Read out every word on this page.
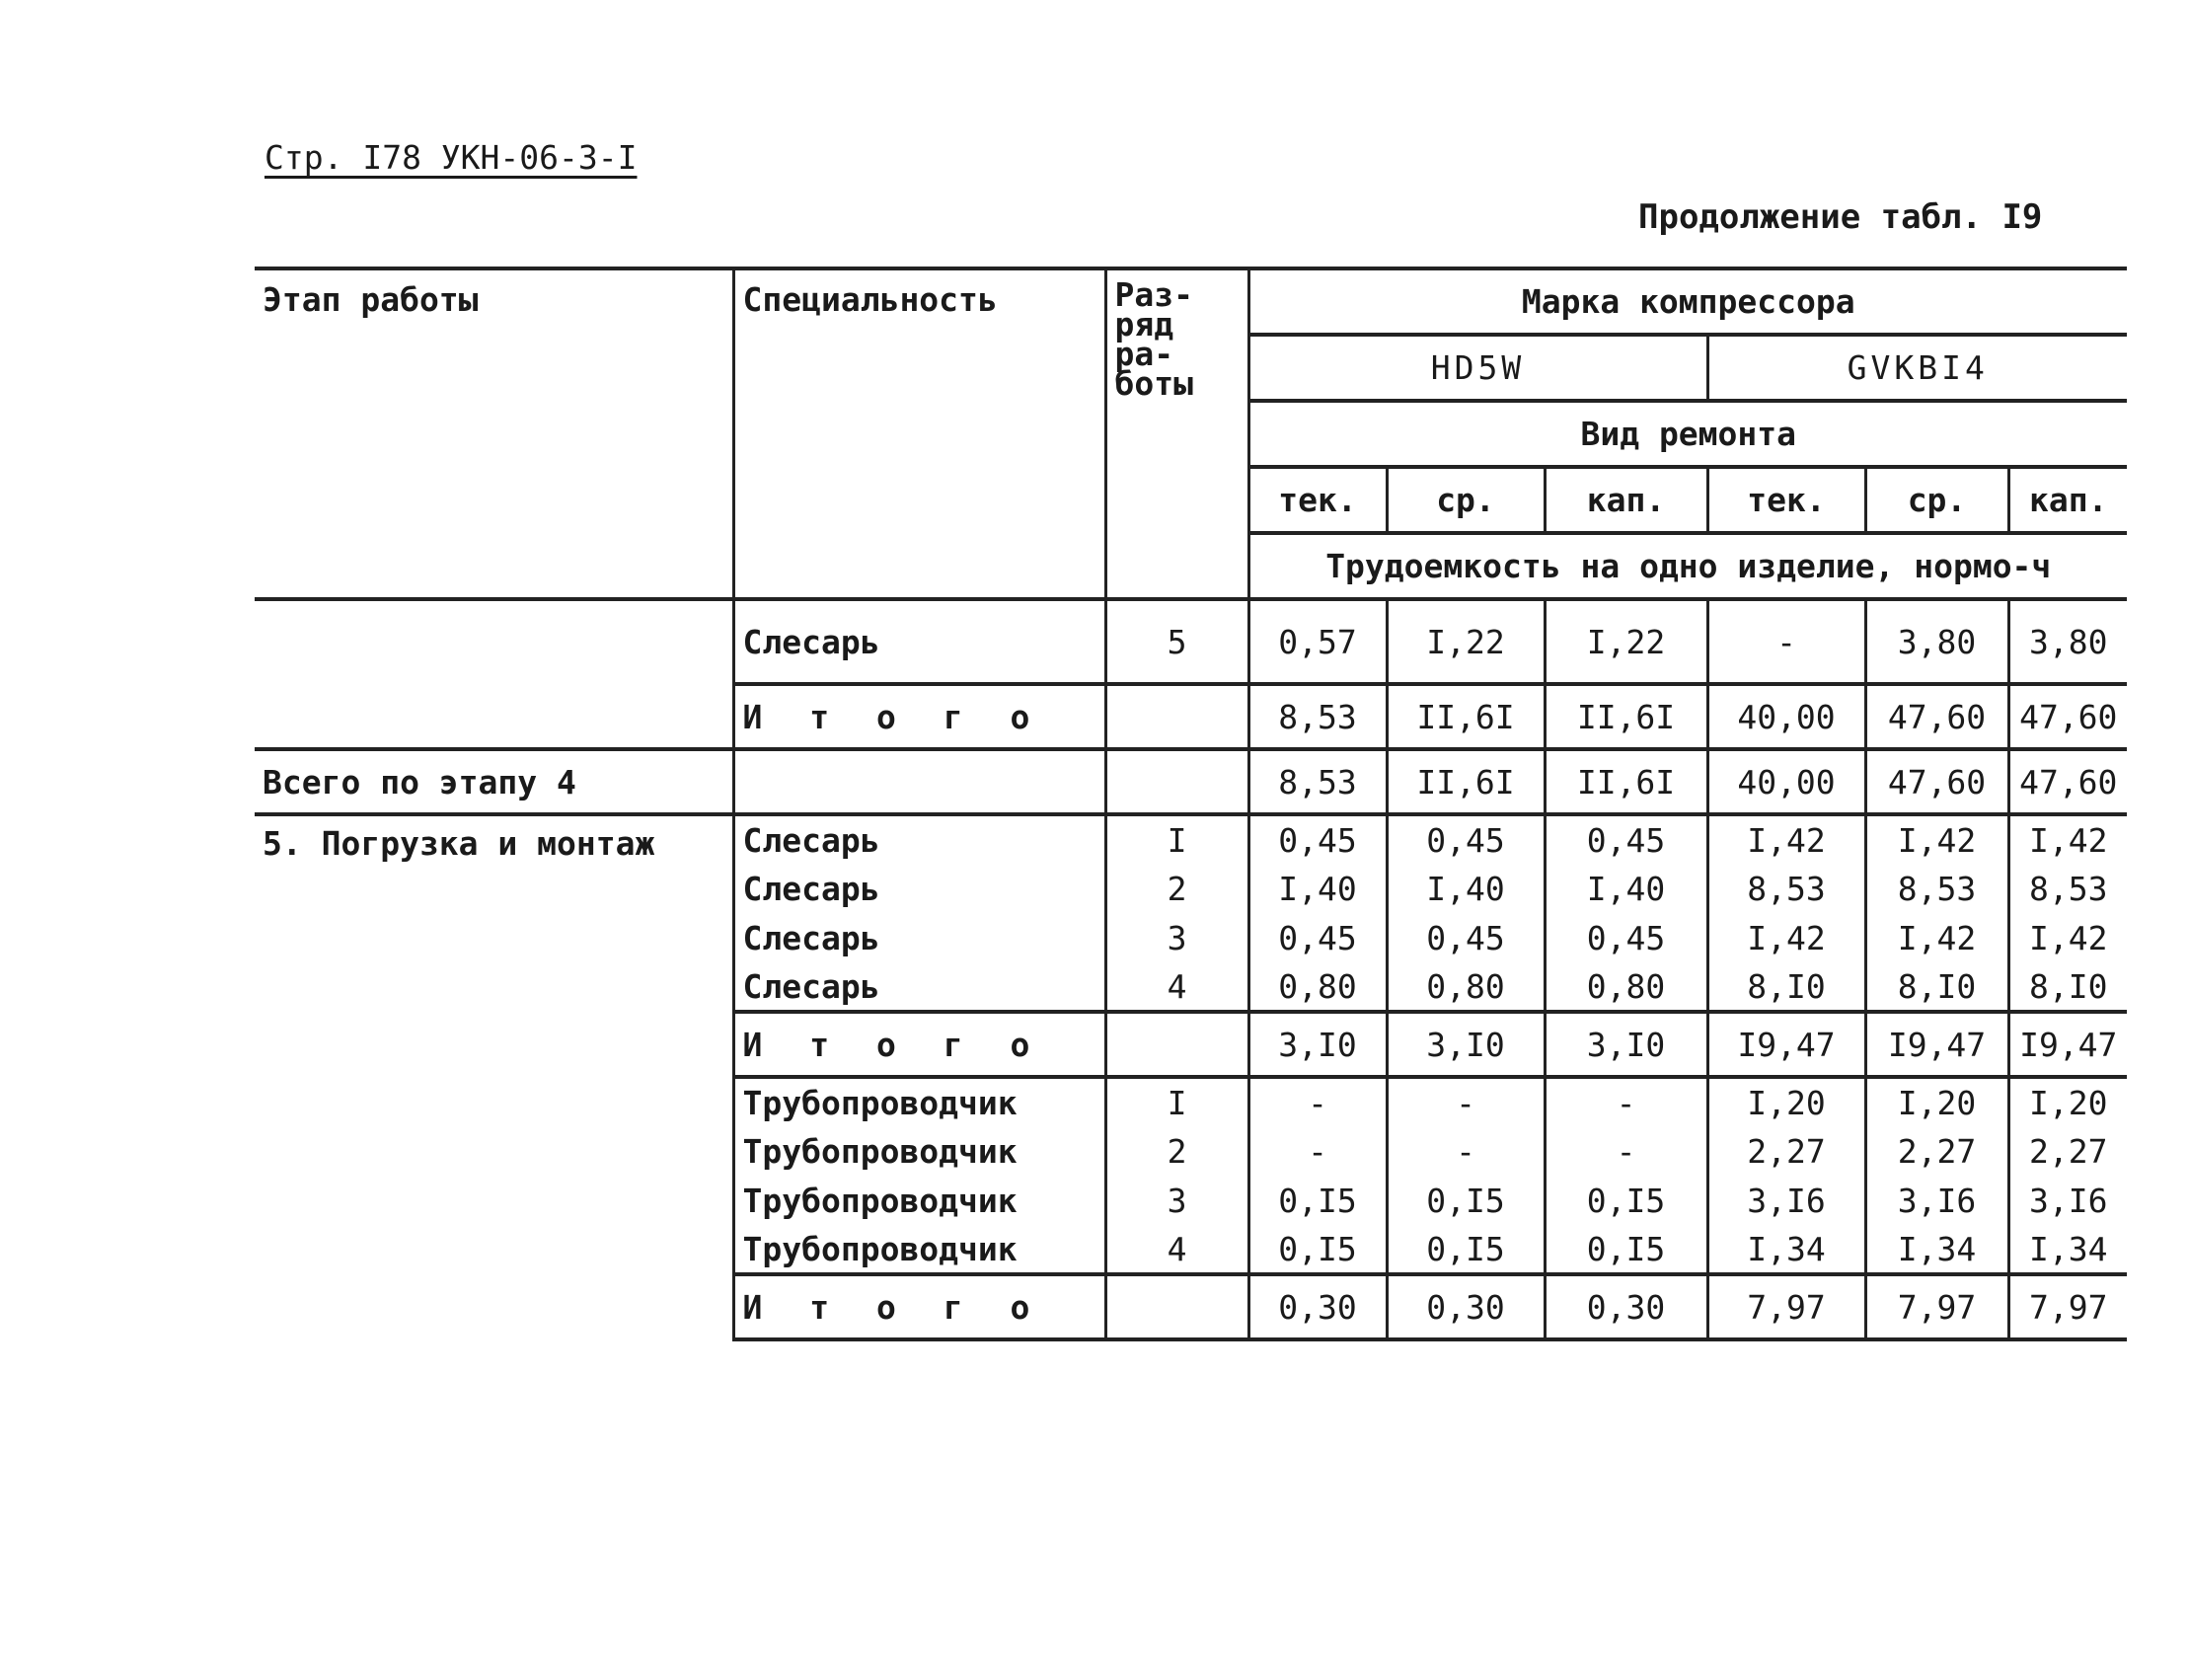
Стр. I78 УКН-06-3-I
Продолжение табл. I9
Этап работы	Специальность	Раз-ряд ра-боты	Марка компрессора					
			HD5W			GVKBI4		
			Вид ремонта					
			тек.	ср.	кап.	тек.	ср.	кап.
			Трудоемкость на одно изделие, нормо-ч					
	Слесарь	5	0,57	I,22	I,22	-	3,80	3,80
	И т о г о		8,53	II,6I	II,6I	40,00	47,60	47,60
Всего по этапу 4			8,53	II,6I	II,6I	40,00	47,60	47,60
5. Погрузка и монтаж	Слесарь	I	0,45	0,45	0,45	I,42	I,42	I,42
	Слесарь	2	I,40	I,40	I,40	8,53	8,53	8,53
	Слесарь	3	0,45	0,45	0,45	I,42	I,42	I,42
	Слесарь	4	0,80	0,80	0,80	8,I0	8,I0	8,I0
	И т о г о		3,I0	3,I0	3,I0	I9,47	I9,47	I9,47
	Трубопроводчик	I	-	-	-	I,20	I,20	I,20
	Трубопроводчик	2	-	-	-	2,27	2,27	2,27
	Трубопроводчик	3	0,I5	0,I5	0,I5	3,I6	3,I6	3,I6
	Трубопроводчик	4	0,I5	0,I5	0,I5	I,34	I,34	I,34
	И т о г о		0,30	0,30	0,30	7,97	7,97	7,97
